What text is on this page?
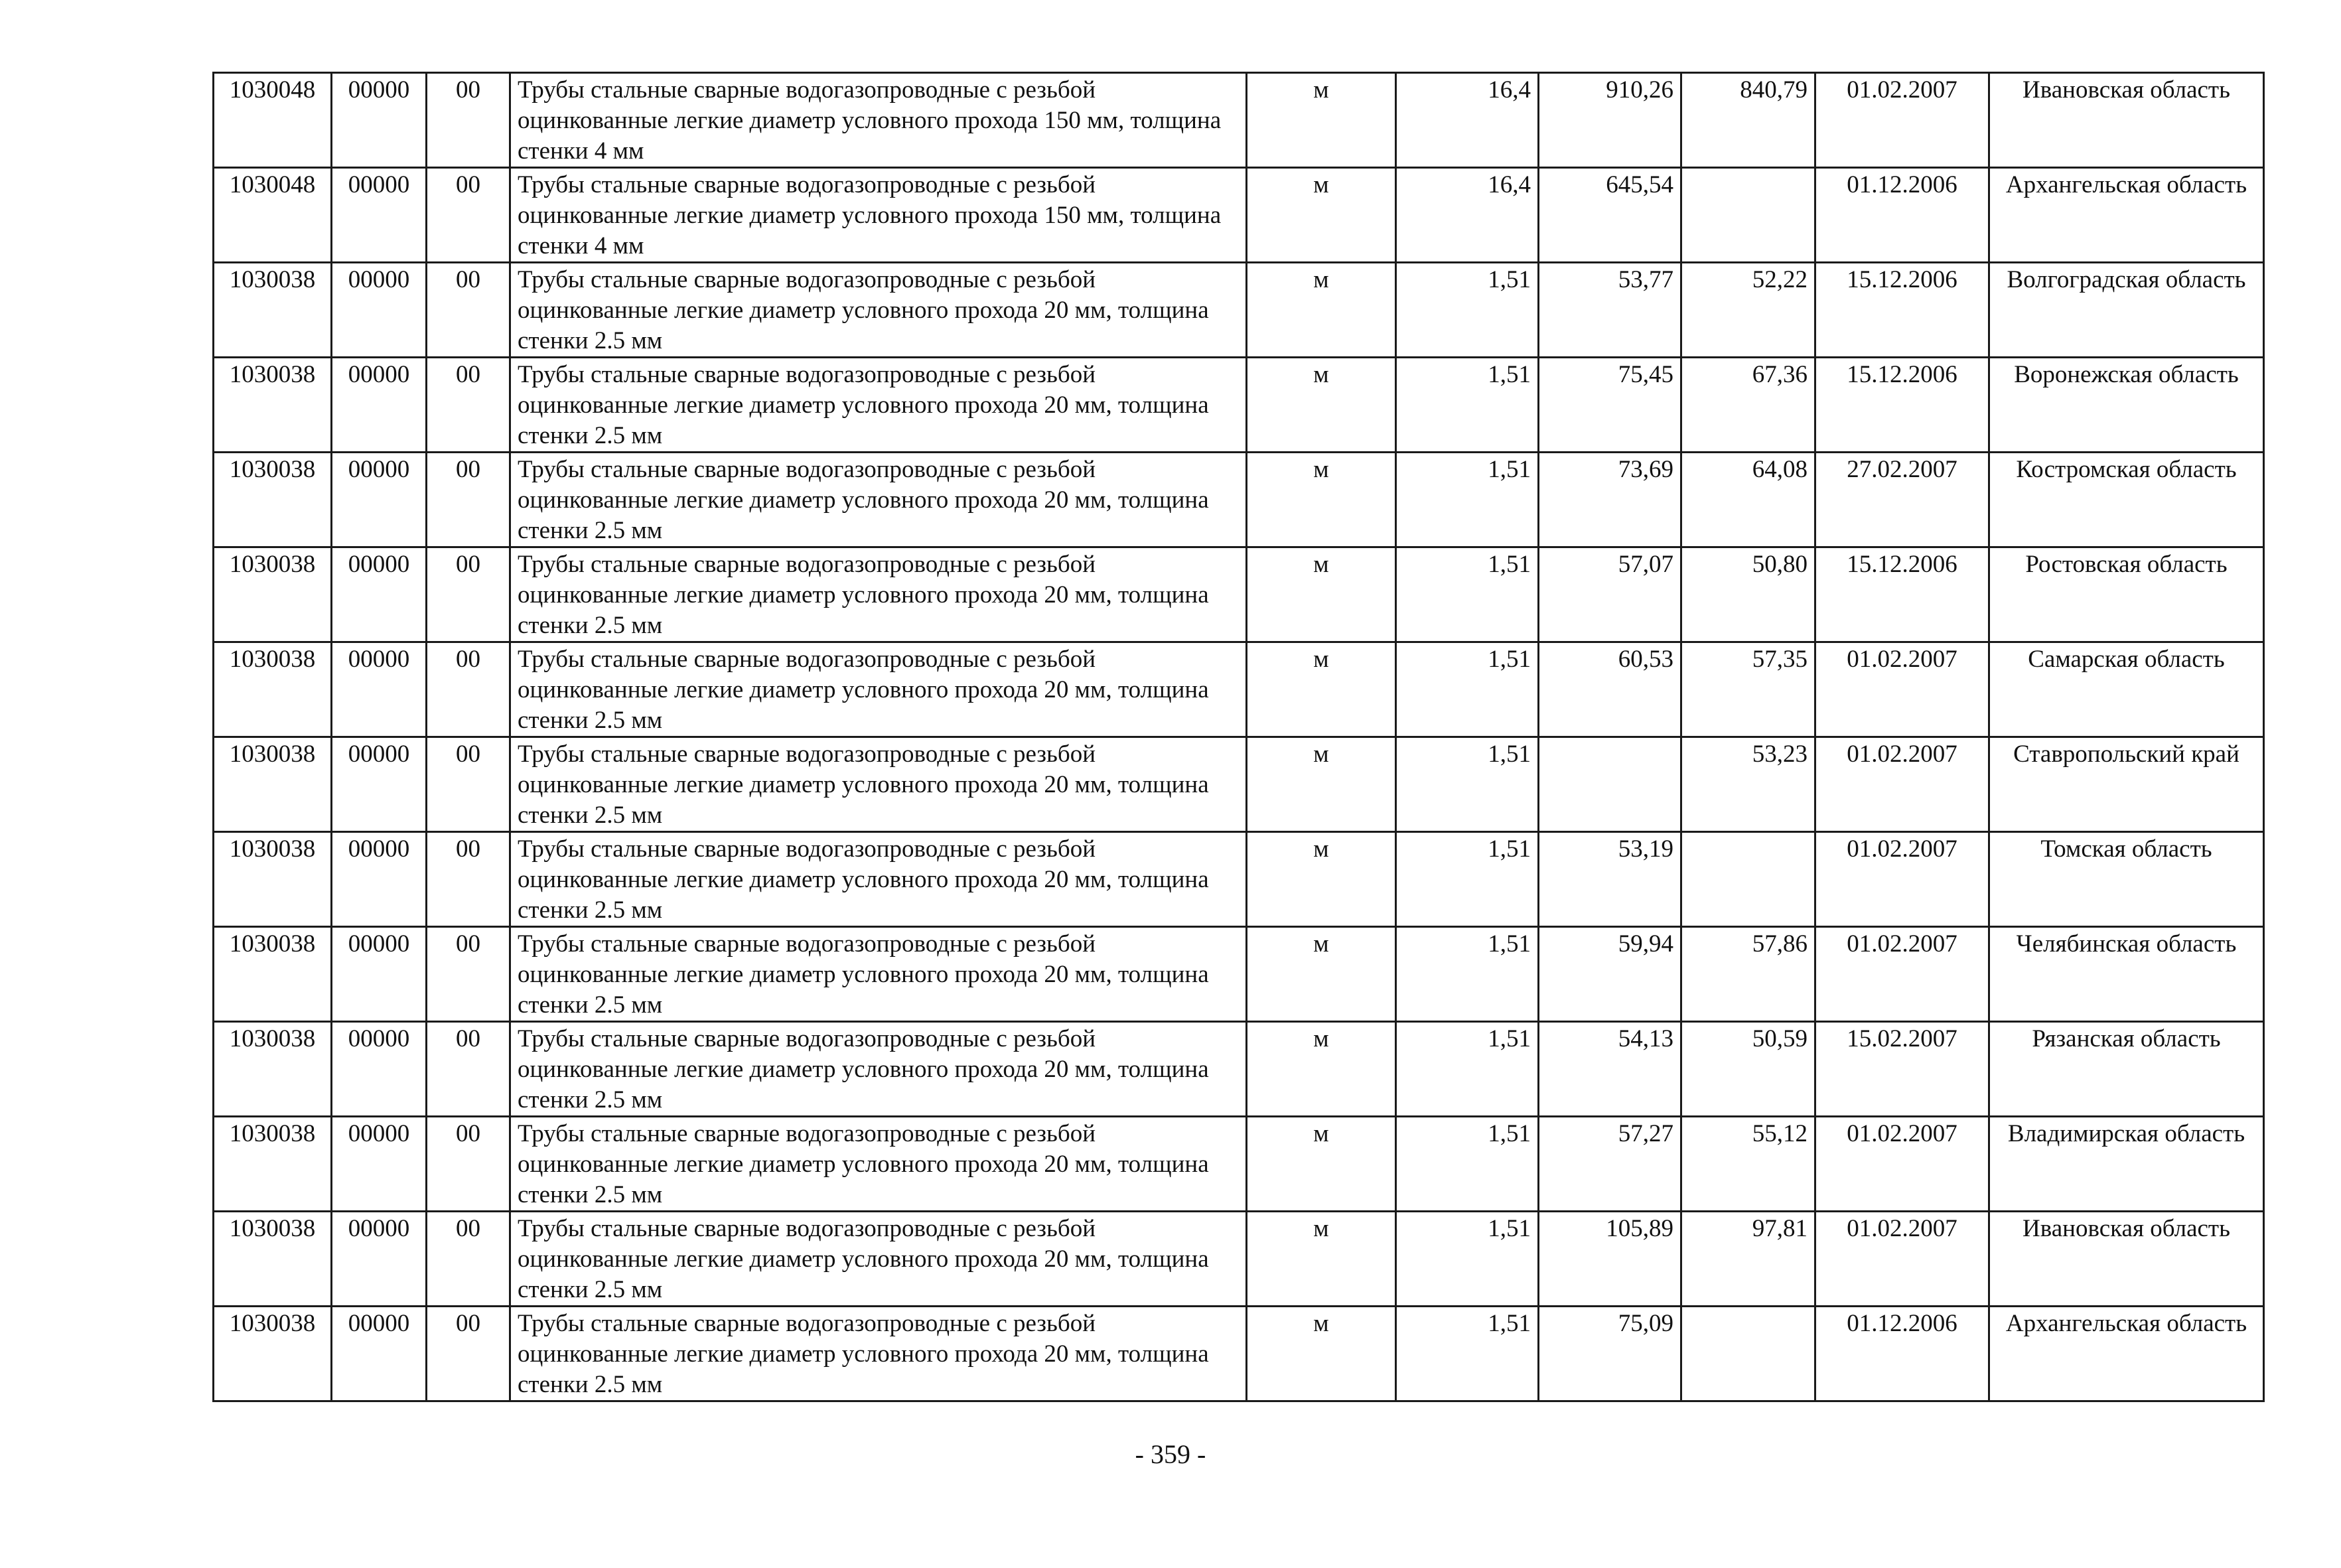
1030048	00000	00	Трубы стальные сварные водогазопроводные с резьбой оцинкованные легкие диаметр условного прохода 150 мм, толщина стенки 4 мм	м	16,4	910,26	840,79	01.02.2007	Ивановская область
1030048	00000	00	Трубы стальные сварные водогазопроводные с резьбой оцинкованные легкие диаметр условного прохода 150 мм, толщина стенки 4 мм	м	16,4	645,54		01.12.2006	Архангельская область
1030038	00000	00	Трубы стальные сварные водогазопроводные с резьбой оцинкованные легкие диаметр условного прохода 20 мм, толщина стенки 2.5 мм	м	1,51	53,77	52,22	15.12.2006	Волгоградская область
1030038	00000	00	Трубы стальные сварные водогазопроводные с резьбой оцинкованные легкие диаметр условного прохода 20 мм, толщина стенки 2.5 мм	м	1,51	75,45	67,36	15.12.2006	Воронежская область
1030038	00000	00	Трубы стальные сварные водогазопроводные с резьбой оцинкованные легкие диаметр условного прохода 20 мм, толщина стенки 2.5 мм	м	1,51	73,69	64,08	27.02.2007	Костромская область
1030038	00000	00	Трубы стальные сварные водогазопроводные с резьбой оцинкованные легкие диаметр условного прохода 20 мм, толщина стенки 2.5 мм	м	1,51	57,07	50,80	15.12.2006	Ростовская область
1030038	00000	00	Трубы стальные сварные водогазопроводные с резьбой оцинкованные легкие диаметр условного прохода 20 мм, толщина стенки 2.5 мм	м	1,51	60,53	57,35	01.02.2007	Самарская область
1030038	00000	00	Трубы стальные сварные водогазопроводные с резьбой оцинкованные легкие диаметр условного прохода 20 мм, толщина стенки 2.5 мм	м	1,51		53,23	01.02.2007	Ставропольский край
1030038	00000	00	Трубы стальные сварные водогазопроводные с резьбой оцинкованные легкие диаметр условного прохода 20 мм, толщина стенки 2.5 мм	м	1,51	53,19		01.02.2007	Томская область
1030038	00000	00	Трубы стальные сварные водогазопроводные с резьбой оцинкованные легкие диаметр условного прохода 20 мм, толщина стенки 2.5 мм	м	1,51	59,94	57,86	01.02.2007	Челябинская область
1030038	00000	00	Трубы стальные сварные водогазопроводные с резьбой оцинкованные легкие диаметр условного прохода 20 мм, толщина стенки 2.5 мм	м	1,51	54,13	50,59	15.02.2007	Рязанская область
1030038	00000	00	Трубы стальные сварные водогазопроводные с резьбой оцинкованные легкие диаметр условного прохода 20 мм, толщина стенки 2.5 мм	м	1,51	57,27	55,12	01.02.2007	Владимирская область
1030038	00000	00	Трубы стальные сварные водогазопроводные с резьбой оцинкованные легкие диаметр условного прохода 20 мм, толщина стенки 2.5 мм	м	1,51	105,89	97,81	01.02.2007	Ивановская область
1030038	00000	00	Трубы стальные сварные водогазопроводные с резьбой оцинкованные легкие диаметр условного прохода 20 мм, толщина стенки 2.5 мм	м	1,51	75,09		01.12.2006	Архангельская область
- 359 -
